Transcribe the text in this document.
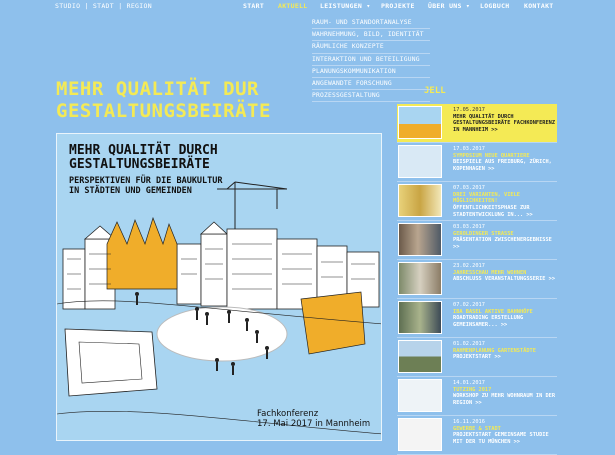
STUDIO | STADT | REGION	START AKTUELL LEISTUNGEN ▾ PROJEKTE ÜBER UNS ▾ LOGBUCH KONTAKT
MEHR QUALITÄT DUR
GESTALTUNGSBEIRÄTE
JELL
RAUM- UND STANDORTANALYSE
WAHRNEHMUNG, BILD, IDENTITÄT
RÄUMLICHE KONZEPTE
INTERAKTION UND BETEILIGUNG
PLANUNGSKOMMUNIKATION
ANGEWANDTE FORSCHUNG
PROZESSGESTALTUNG
MEHR QUALITÄT DURCH
GESTALTUNGSBEIRÄTE
PERSPEKTIVEN FÜR DIE BAUKULTUR
IN STÄDTEN UND GEMEINDEN
Fachkonferenz
17. Mai 2017 in Mannheim
17.05.2017
MEHR QUALITÄT DURCH
GESTALTUNGSBEIRÄTE FACHKONFERENZ IN MANNHEIM >>
17.03.2017
SYMPOSIUM NEUE QUARTIERE
BEISPIELE AUS FREIBURG, ZÜRICH, KOPENHAGEN >>
07.03.2017
DREI VARIANTEN, VIELE MÖGLICHKEITEN!
ÖFFENTLICHKEITSPHASE ZUR STADTENTWICKLUNG IN... >>
03.03.2017
GEROLDINGER STRASSE
PRÄSENTATION ZWISCHENERGEBNISSE >>
23.02.2017
JAHRESSCHAU MEHR WOHNEN
ABSCHLUSS VERANSTALTUNGSSERIE >>
07.02.2017
IBA BASEL AKTIVE BAHNHÖFE
ROADTRADING ERSTELLUNG GEMEINSAMER... >>
01.02.2017
RAHMENPLANUNG GARTENSTÄDTE
PROJEKTSTART >>
14.01.2017
TUTZING 2017
WORKSHOP ZU MEHR WOHNRAUM IN DER REGION >>
16.11.2016
GEWERBE & STADT
PROJEKTSTART GEMEINSAME STUDIE MIT DER TU MÜNCHEN >>
